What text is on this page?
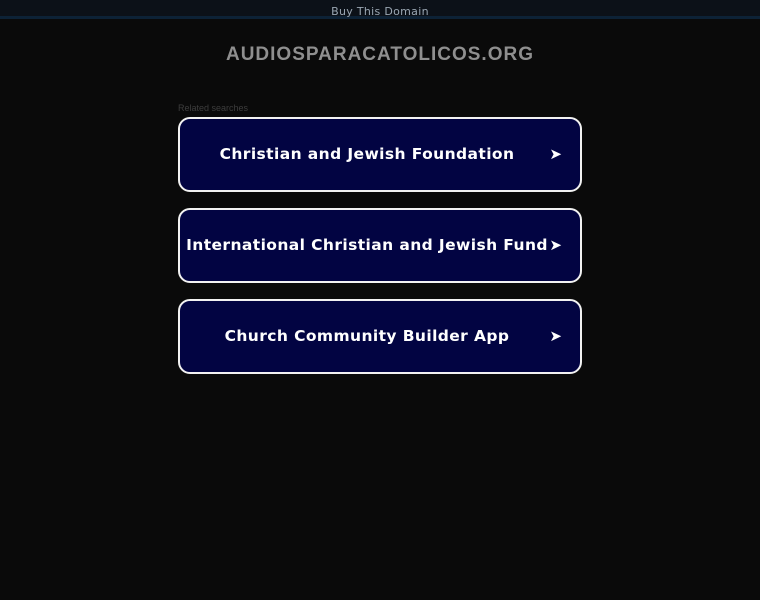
Buy This Domain
AUDIOSPARACATOLICOS.ORG
Related searches
Christian and Jewish Foundation	➤
International Christian and Jewish Fund ➤
Church Community Builder App	➤
